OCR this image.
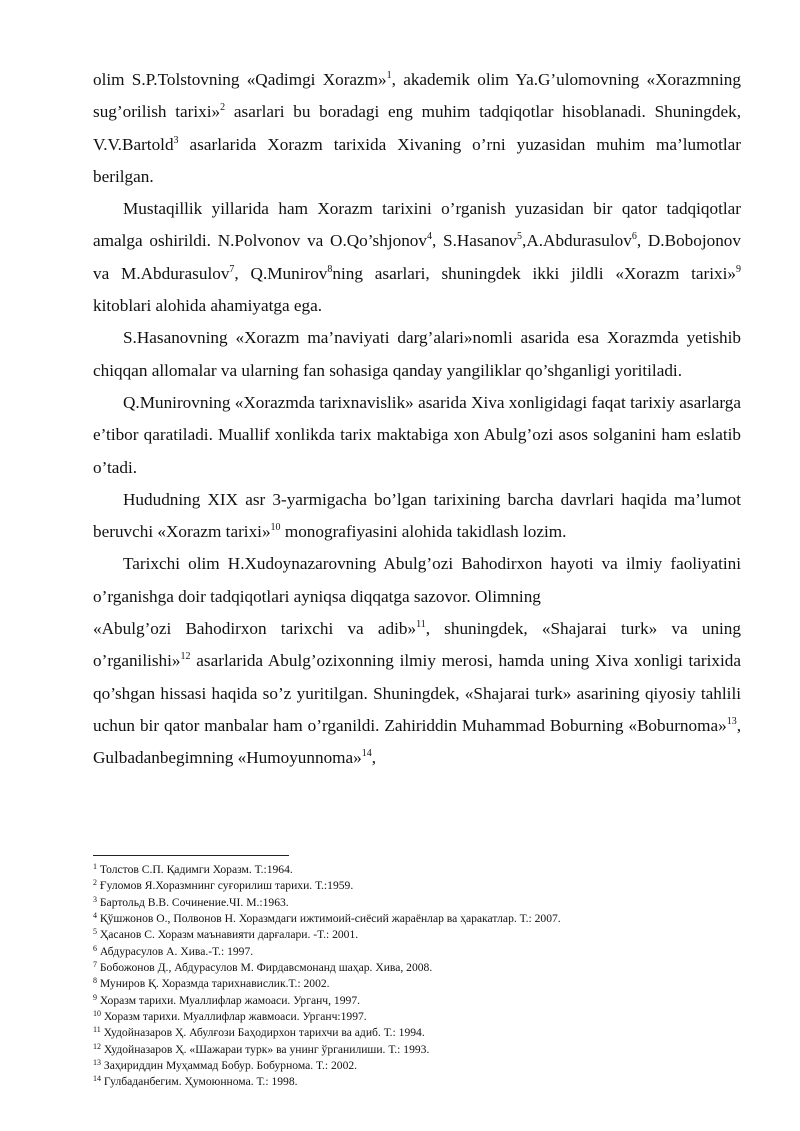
olim S.P.Tolstovning «Qadimgi Xorazm»$^1$, akademik olim Ya.G’ulomovning «Xorazmning sug’orilish tarixi»$^2$ asarlari bu boradagi eng muhim tadqiqotlar hisoblanadi. Shuningdek, V.V.Bartold$^3$ asarlarida Xorazm tarixida Xivaning o’rni yuzasidan muhim ma’lumotlar berilgan.

Mustaqillik yillarida ham Xorazm tarixini o’rganish yuzasidan bir qator tadqiqotlar amalga oshirildi. N.Polvonov va O.Qo’shjonov$^4$, S.Hasanov$^5$,A.Abdurasulov$^6$, D.Bobojonov va M.Abdurasulov$^7$, Q.Munirov$^8$ning asarlari, shuningdek ikki jildli «Xorazm tarixi»$^9$ kitoblari alohida ahamiyatga ega.

S.Hasanovning «Xorazm ma’naviyati darg’alari»nomli asarida esa Xorazmda yetishib chiqqan allomalar va ularning fan sohasiga qanday yangiliklar qo’shganligi yoritiladi.

Q.Munirovning «Xorazmda tarixnavislik» asarida Xiva xonligidagi faqat tarixiy asarlarga e’tibor qaratiladi. Muallif xonlikda tarix maktabiga xon Abulg’ozi asos solganini ham eslatib o’tadi.

Hududning XIX asr 3-yarmigacha bo’lgan tarixining barcha davrlari haqida ma’lumot beruvchi «Xorazm tarixi»$^{10}$ monografiyasini alohida takidlash lozim.

Tarixchi olim H.Xudoynazarovning Abulg’ozi Bahodirxon hayoti va ilmiy faoliyatini o’rganishga doir tadqiqotlari ayniqsa diqqatga sazovor. Olimning
«Abulg’ozi Bahodirxon tarixchi va adib»$^{11}$, shuningdek, «Shajarai turk» va uning o’rganilishi»$^{12}$ asarlarida Abulg’ozixonning ilmiy merosi, hamda uning Xiva xonligi tarixida qo’shgan hissasi haqida so’z yuritilgan. Shuningdek, «Shajarai turk» asarining qiyosiy tahlili uchun bir qator manbalar ham o’rganildi. Zahiriddin Muhammad Boburning «Boburnoma»$^{13}$, Gulbadanbegimning «Humoyunnoma»$^{14}$,

$^1$ Толстов С.П. Қадимги Хоразм. Т.:1964.

$^2$ Ғуломов Я.Хоразмнинг суғорилиш тарихи. Т.:1959.

$^3$ Бартольд В.В. Сочинение.ЧI. М.:1963.

$^4$ Қўшжонов О., Полвонов Н. Хоразмдаги ижтимоий-сиёсий жараёнлар ва ҳаракатлар. Т.: 2007.

$^5$ Ҳасанов С. Хоразм маънавияти дарғалари. -Т.: 2001.

$^6$ Абдурасулов А. Хива.-Т.: 1997.

$^7$ Бобожонов Д., Абдурасулов М. Фирдавсмонанд шаҳар. Хива, 2008.

$^8$ Муниров Қ. Хоразмда тарихнавислик.Т.: 2002.

$^9$ Хоразм тарихи. Муаллифлар жамоаси. Урганч, 1997.

$^{10}$ Хоразм тарихи. Муаллифлар жавмоаси. Урганч:1997.

$^{11}$ Худойназаров Ҳ. Абулғози Баҳодирхон тарихчи ва адиб. Т.: 1994.

$^{12}$ Худойназаров Ҳ. «Шажараи турк» ва унинг ўрганилиши. Т.: 1993.

$^{13}$ Заҳириддин Муҳаммад Бобур. Бобурнома. Т.: 2002.

$^{14}$ Гулбаданбегим. Ҳумоюннома. Т.: 1998.
